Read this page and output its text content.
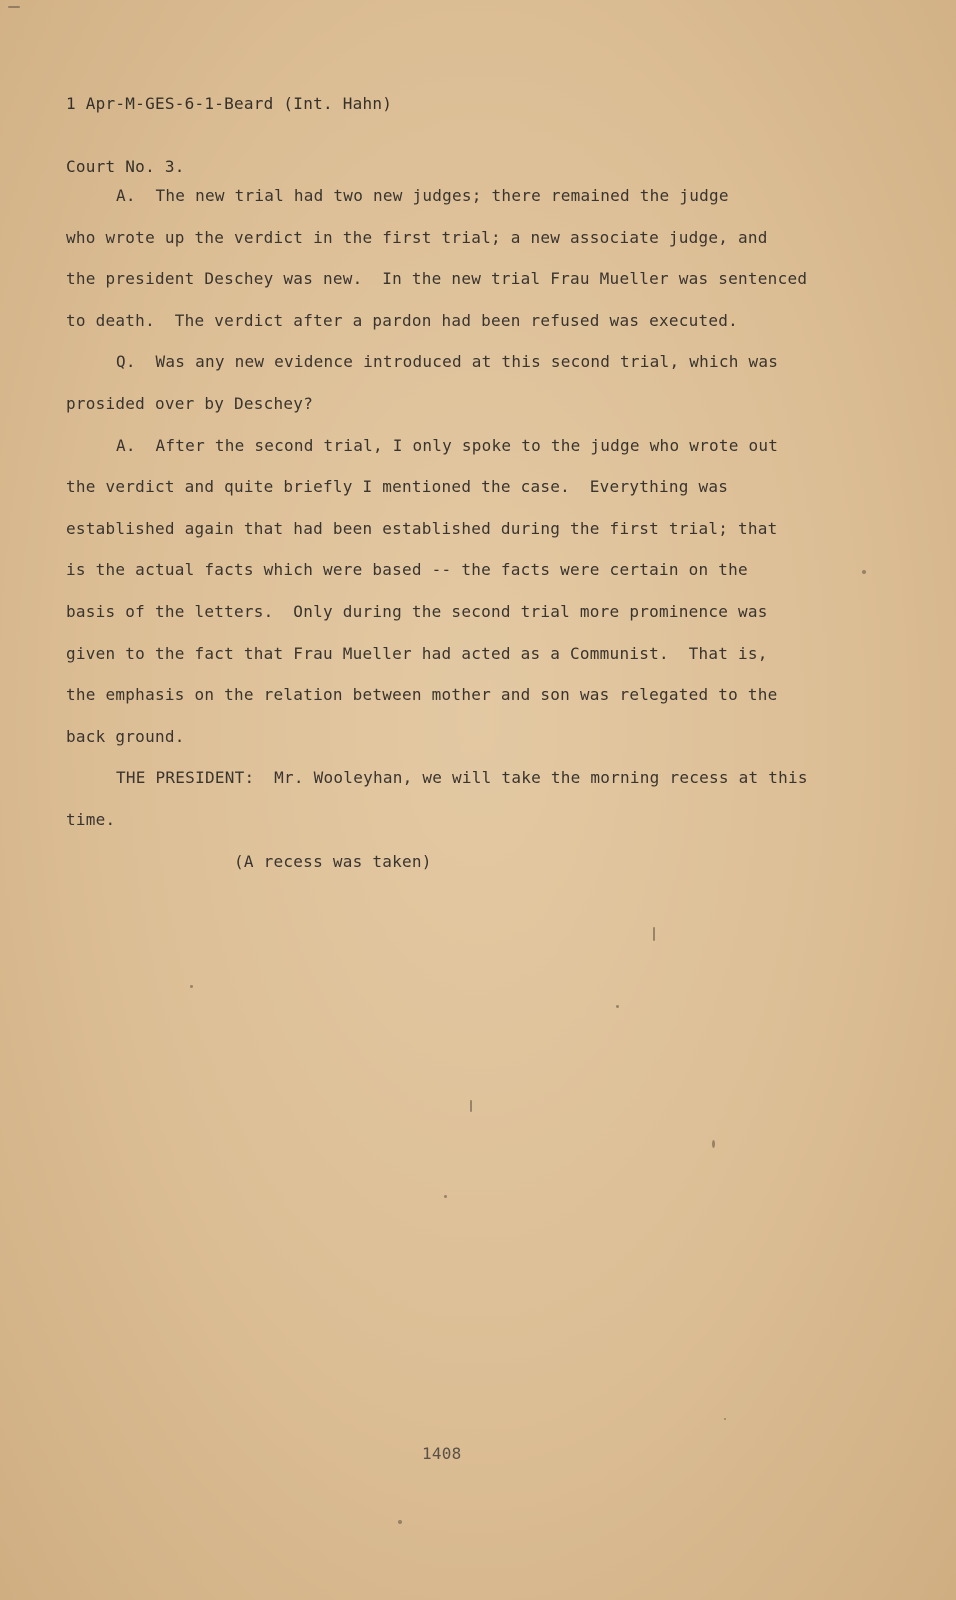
1 Apr-M-GES-6-1-Beard (Int. Hahn)

Court No. 3.

A.  The new trial had two new judges; there remained the judge
who wrote up the verdict in the first trial; a new associate judge, and
the president Deschey was new.  In the new trial Frau Mueller was sentenced
to death.  The verdict after a pardon had been refused was executed.
Q.  Was any new evidence introduced at this second trial, which was
prosided over by Deschey?
A.  After the second trial, I only spoke to the judge who wrote out
the verdict and quite briefly I mentioned the case.  Everything was
established again that had been established during the first trial; that
is the actual facts which were based -- the facts were certain on the
basis of the letters.  Only during the second trial more prominence was
given to the fact that Frau Mueller had acted as a Communist.  That is,
the emphasis on the relation between mother and son was relegated to the
back ground.
THE PRESIDENT:  Mr. Wooleyhan, we will take the morning recess at this
time.
(A recess was taken)
1408
